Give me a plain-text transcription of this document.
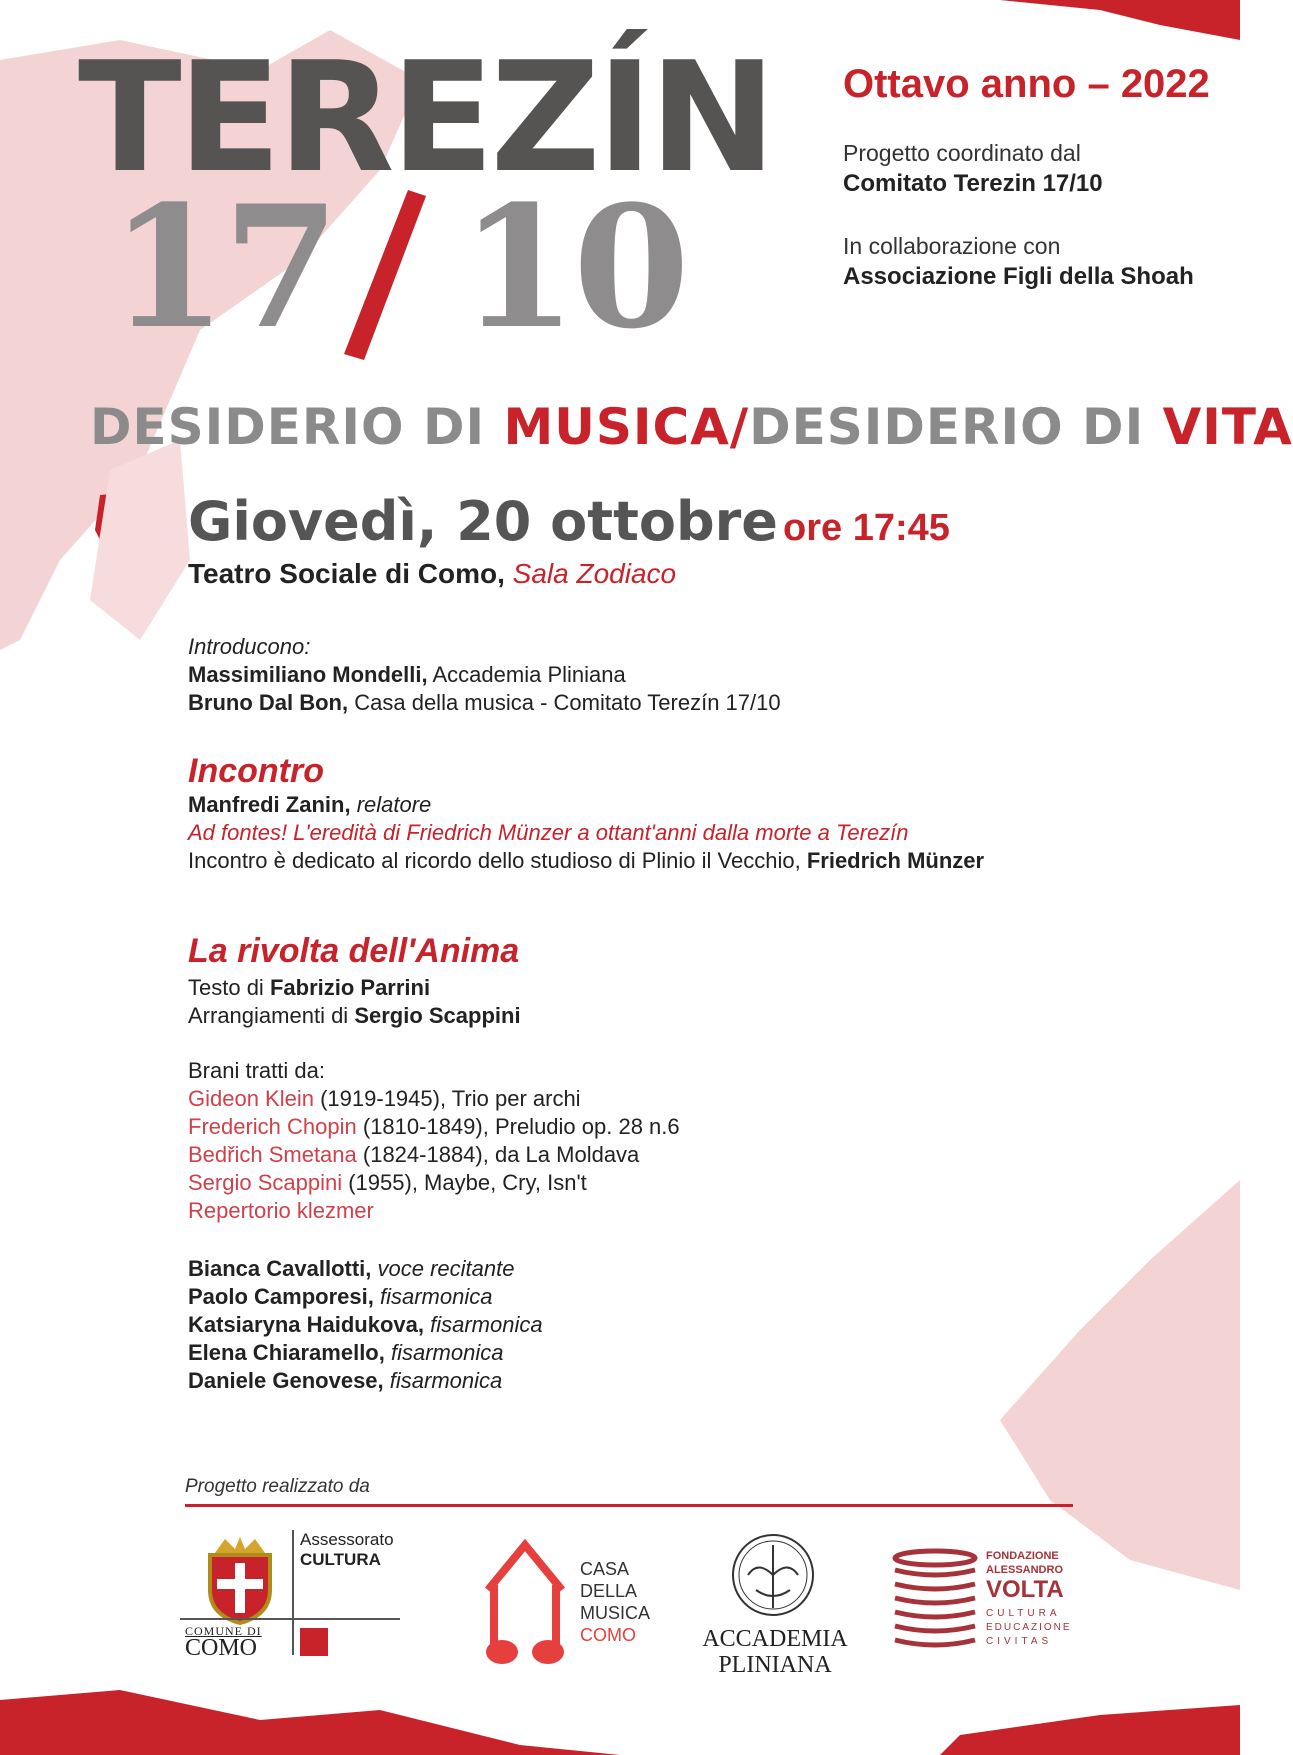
TEREZÍN
17 10
Ottavo anno – 2022
Progetto coordinato dal
Comitato Terezin 17/10
In collaborazione con
Associazione Figli della Shoah
DESIDERIO DI MUSICA/DESIDERIO DI VITA
Giovedì, 20 ottobre ore 17:45
Teatro Sociale di Como, Sala Zodiaco
Introducono:
Massimiliano Mondelli, Accademia Pliniana
Bruno Dal Bon, Casa della musica - Comitato Terezín 17/10
Incontro
Manfredi Zanin, relatore
Ad fontes! L'eredità di Friedrich Münzer a ottant'anni dalla morte a Terezín
Incontro è dedicato al ricordo dello studioso di Plinio il Vecchio, Friedrich Münzer
La rivolta dell'Anima
Testo di Fabrizio Parrini
Arrangiamenti di Sergio Scappini
Brani tratti da:
Gideon Klein (1919-1945), Trio per archi
Frederich Chopin (1810-1849), Preludio op. 28 n.6
Bedřich Smetana (1824-1884), da La Moldava
Sergio Scappini (1955), Maybe, Cry, Isn't
Repertorio klezmer
Bianca Cavallotti, voce recitante
Paolo Camporesi, fisarmonica
Katsiaryna Haidukova, fisarmonica
Elena Chiaramello, fisarmonica
Daniele Genovese, fisarmonica
Progetto realizzato da
Assessorato
CULTURA
COMUNE DI
COMO
CASA
DELLA
MUSICA
COMO	ACCADEMIA
PLINIANA
FONDAZIONE
ALESSANDRO
VOLTA
CULTURA
EDUCAZIONE
CIVITAS
